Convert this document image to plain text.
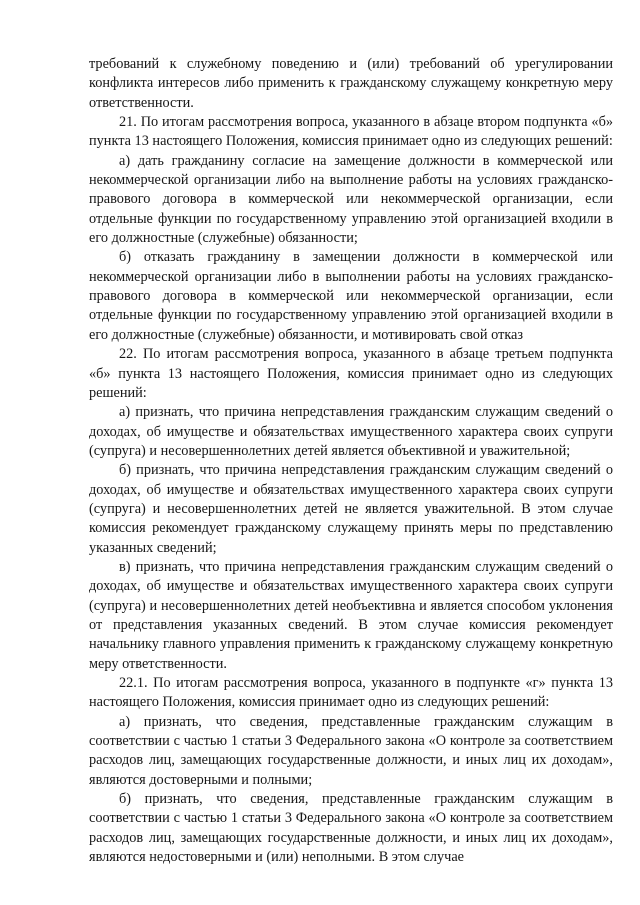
требований к служебному поведению и (или) требований об урегулировании конфликта интересов либо применить к гражданскому служащему конкретную меру ответственности.

21. По итогам рассмотрения вопроса, указанного в абзаце втором подпункта «б» пункта 13 настоящего Положения, комиссия принимает одно из следующих решений:

а) дать гражданину согласие на замещение должности в коммерческой или некоммерческой организации либо на выполнение работы на условиях гражданско-правового договора в коммерческой или некоммерческой организации, если отдельные функции по государственному управлению этой организацией входили в его должностные (служебные) обязанности;

б) отказать гражданину в замещении должности в коммерческой или некоммерческой организации либо в выполнении работы на условиях гражданско-правового договора в коммерческой или некоммерческой организации, если отдельные функции по государственному управлению этой организацией входили в его должностные (служебные) обязанности, и мотивировать свой отказ

22. По итогам рассмотрения вопроса, указанного в абзаце третьем подпункта «б» пункта 13 настоящего Положения, комиссия принимает одно из следующих решений:

а) признать, что причина непредставления гражданским служащим сведений о доходах, об имуществе и обязательствах имущественного характера своих супруги (супруга) и несовершеннолетних детей является объективной и уважительной;

б) признать, что причина непредставления гражданским служащим сведений о доходах, об имуществе и обязательствах имущественного характера своих супруги (супруга) и несовершеннолетних детей не является уважительной. В этом случае комиссия рекомендует гражданскому служащему принять меры по представлению указанных сведений;

в) признать, что причина непредставления гражданским служащим сведений о доходах, об имуществе и обязательствах имущественного характера своих супруги (супруга) и несовершеннолетних детей необъективна и является способом уклонения от представления указанных сведений. В этом случае комиссия рекомендует начальнику главного управления применить к гражданскому служащему конкретную меру ответственности.

22.1. По итогам рассмотрения вопроса, указанного в подпункте «г» пункта 13 настоящего Положения, комиссия принимает одно из следующих решений:

а) признать, что сведения, представленные гражданским служащим в соответствии с частью 1 статьи 3 Федерального закона «О контроле за соответствием расходов лиц, замещающих государственные должности, и иных лиц их доходам», являются достоверными и полными;

б) признать, что сведения, представленные гражданским служащим в соответствии с частью 1 статьи 3 Федерального закона «О контроле за соответствием расходов лиц, замещающих государственные должности, и иных лиц их доходам», являются недостоверными и (или) неполными. В этом случае
